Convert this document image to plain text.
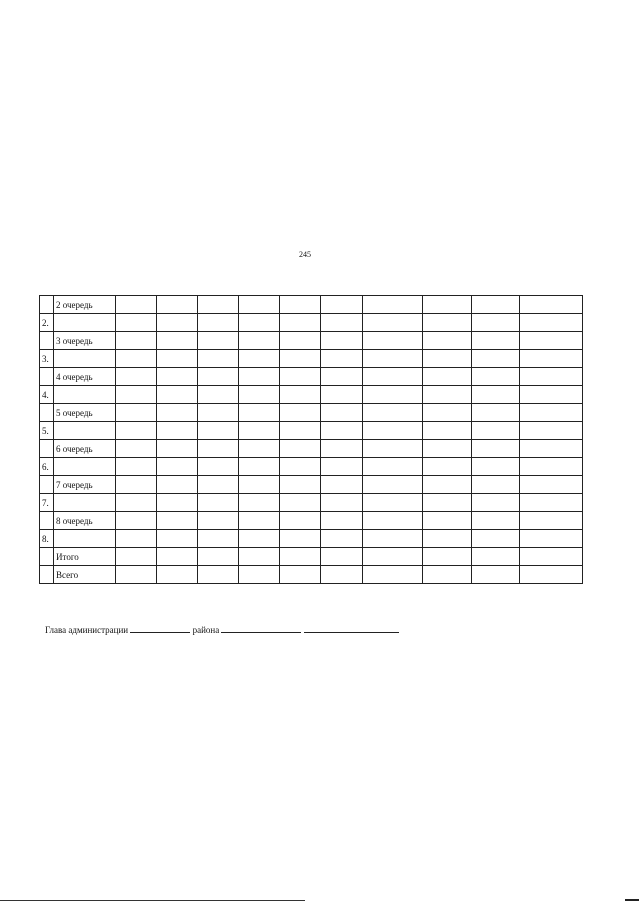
245
	2 очередь										
2.											
	3 очередь										
3.											
	4 очередь										
4.											
	5 очередь										
5.											
	6 очередь										
6.											
	7 очередь										
7.											
	8 очередь										
8.											
	Итого										
	Всего										
Глава администрации	района
